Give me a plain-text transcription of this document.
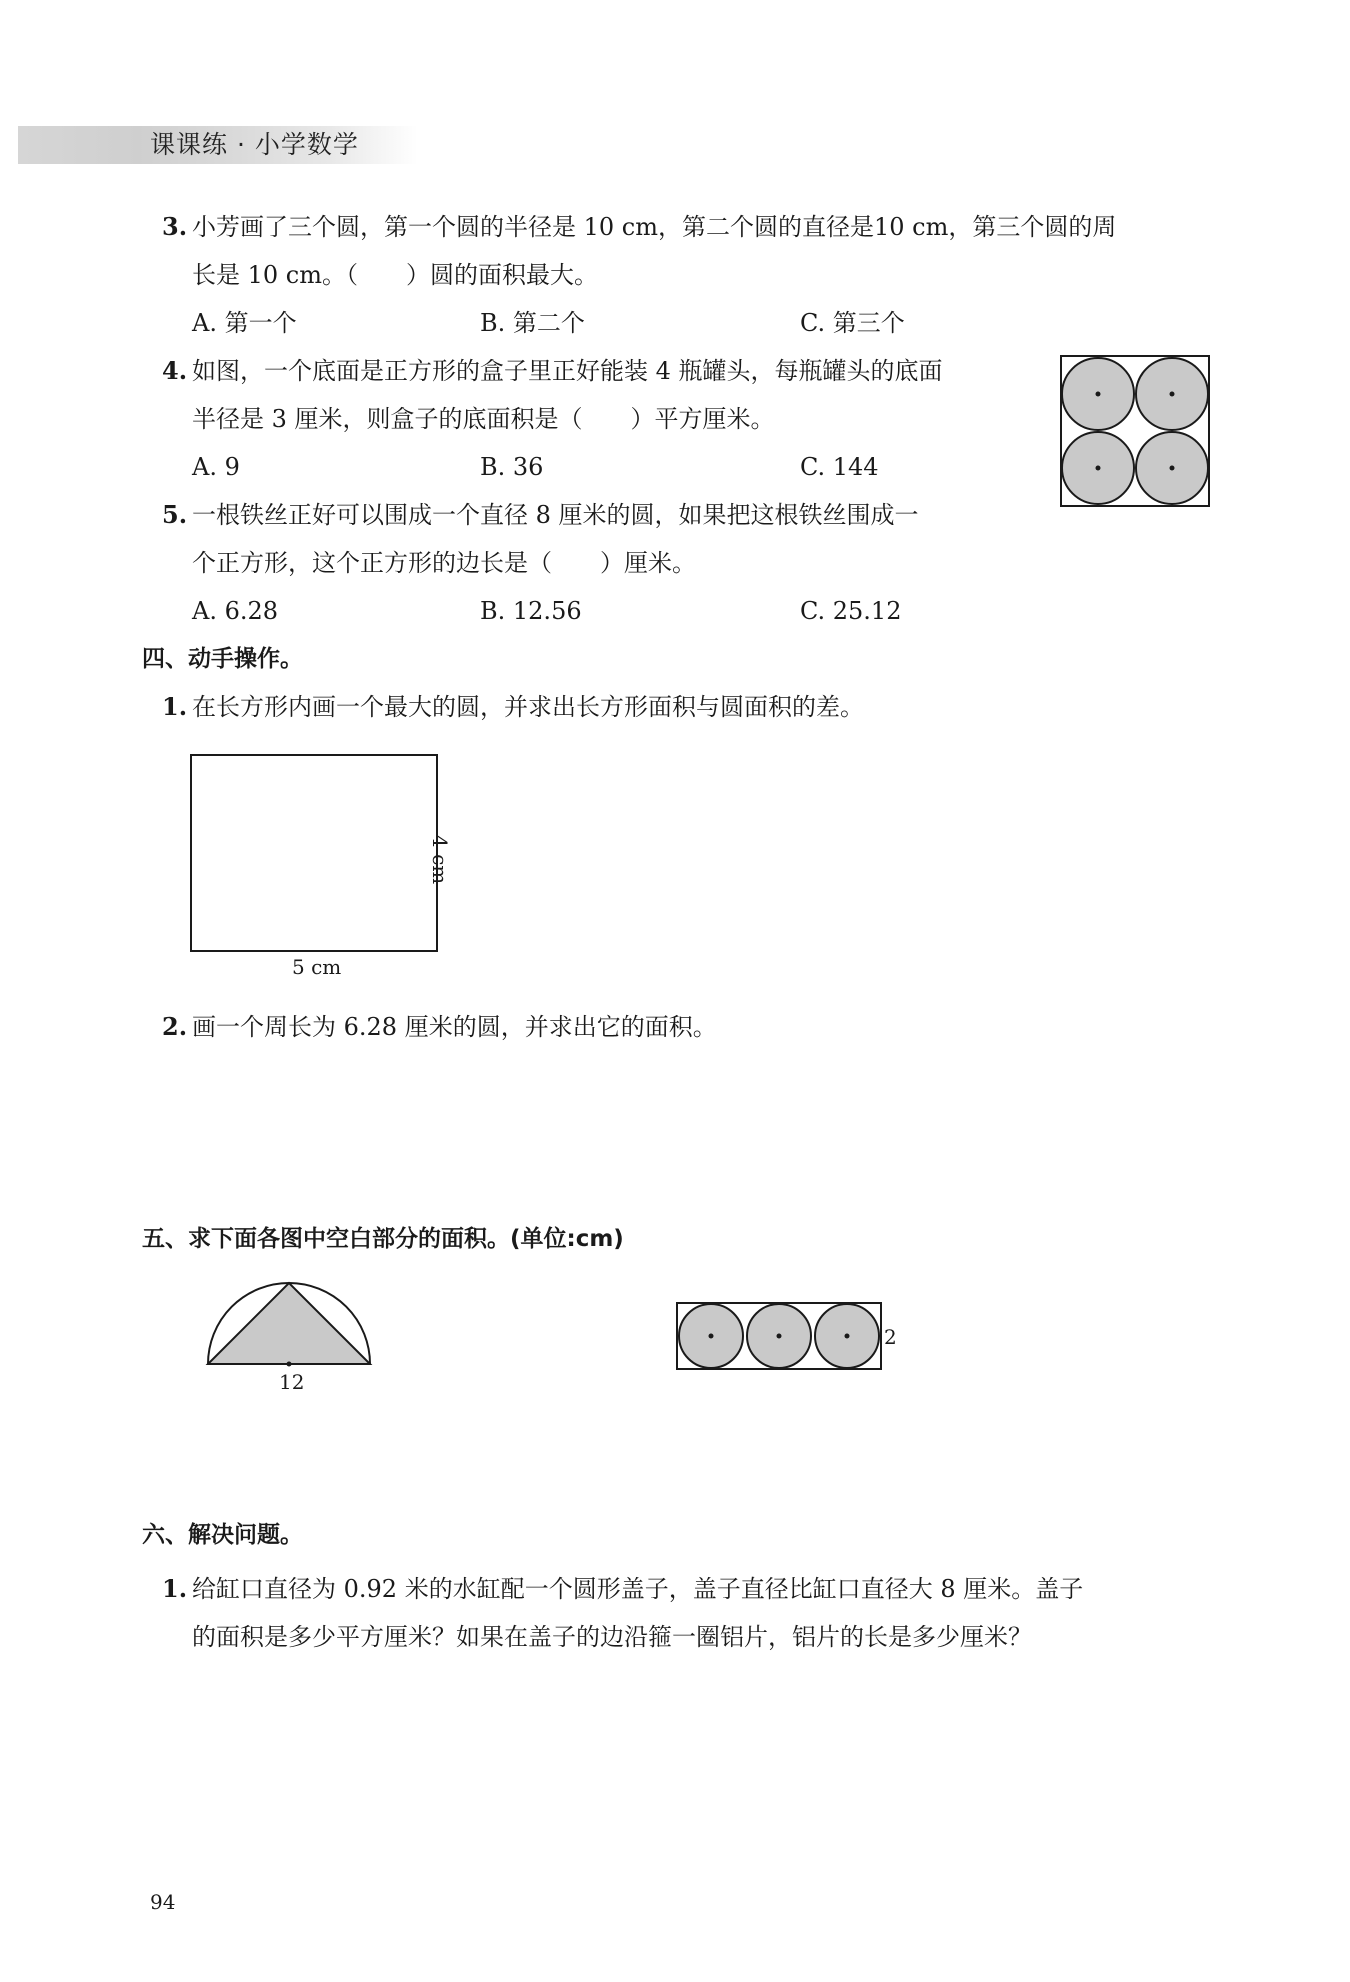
课课练 · 小学数学
3. 小芳画了三个圆，第一个圆的半径是 10 cm，第二个圆的直径是10 cm，第三个圆的周
长是 10 cm。（　　）圆的面积最大。
A. 第一个	B. 第二个	C. 第三个
4. 如图，一个底面是正方形的盒子里正好能装 4 瓶罐头，每瓶罐头的底面
半径是 3 厘米，则盒子的底面积是（　　）平方厘米。
A. 9	B. 36	C. 144
5. 一根铁丝正好可以围成一个直径 8 厘米的圆，如果把这根铁丝围成一
个正方形，这个正方形的边长是（　　）厘米。
A. 6.28	B. 12.56	C. 25.12
四、动手操作。
1. 在长方形内画一个最大的圆，并求出长方形面积与圆面积的差。
5 cm
4 cm
2. 画一个周长为 6.28 厘米的圆，并求出它的面积。
五、求下面各图中空白部分的面积。(单位:cm)
12
2
六、解决问题。
1. 给缸口直径为 0.92 米的水缸配一个圆形盖子，盖子直径比缸口直径大 8 厘米。盖子
的面积是多少平方厘米？如果在盖子的边沿箍一圈铝片，铝片的长是多少厘米？
94
